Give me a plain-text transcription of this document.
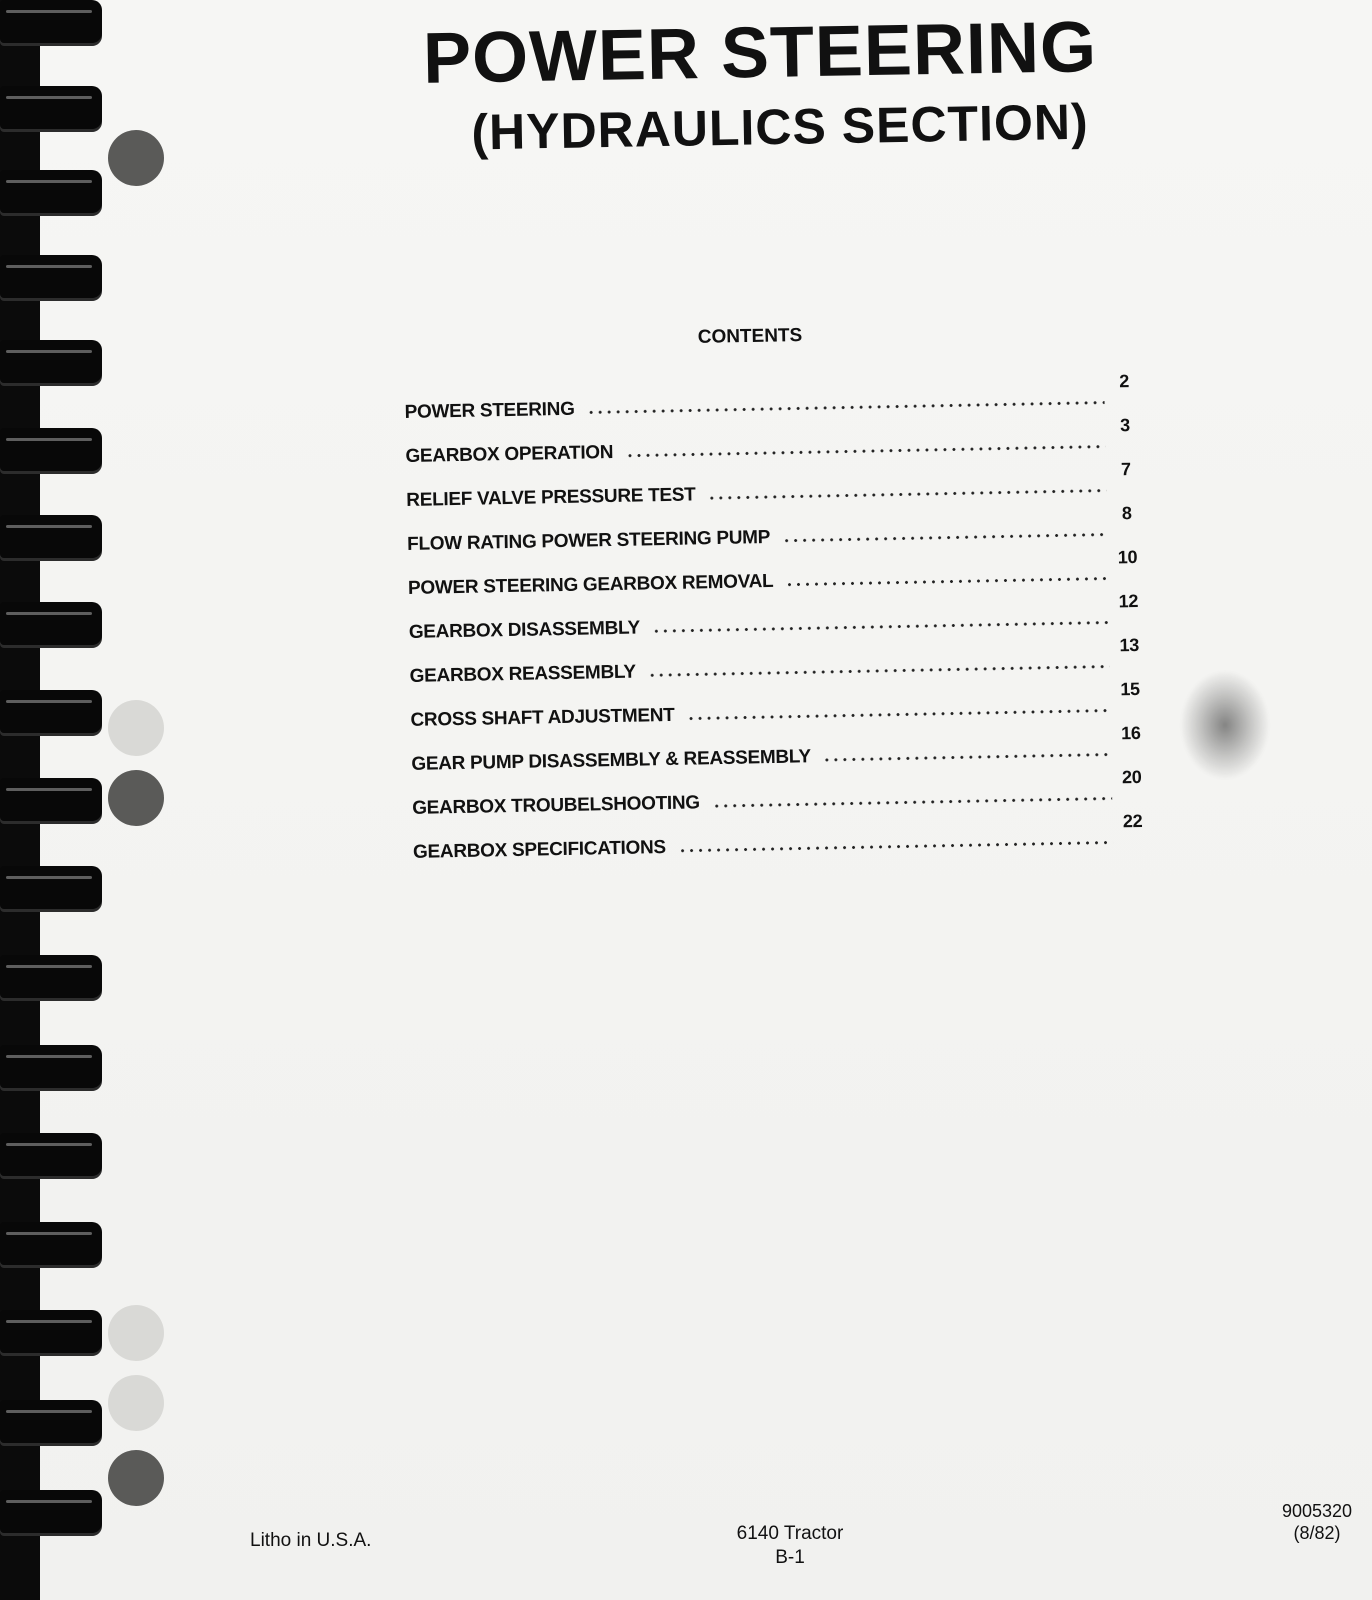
POWER STEERING
(HYDRAULICS SECTION)
CONTENTS
POWER STEERING
2
GEARBOX OPERATION
3
RELIEF VALVE PRESSURE TEST
7
FLOW RATING POWER STEERING PUMP
8
POWER STEERING GEARBOX REMOVAL
10
GEARBOX DISASSEMBLY
12
GEARBOX REASSEMBLY
13
CROSS SHAFT ADJUSTMENT
15
GEAR PUMP DISASSEMBLY & REASSEMBLY
16
GEARBOX TROUBELSHOOTING
20
GEARBOX SPECIFICATIONS
22
Litho in U.S.A.	6140 Tractor
B-1
9005320
(8/82)
